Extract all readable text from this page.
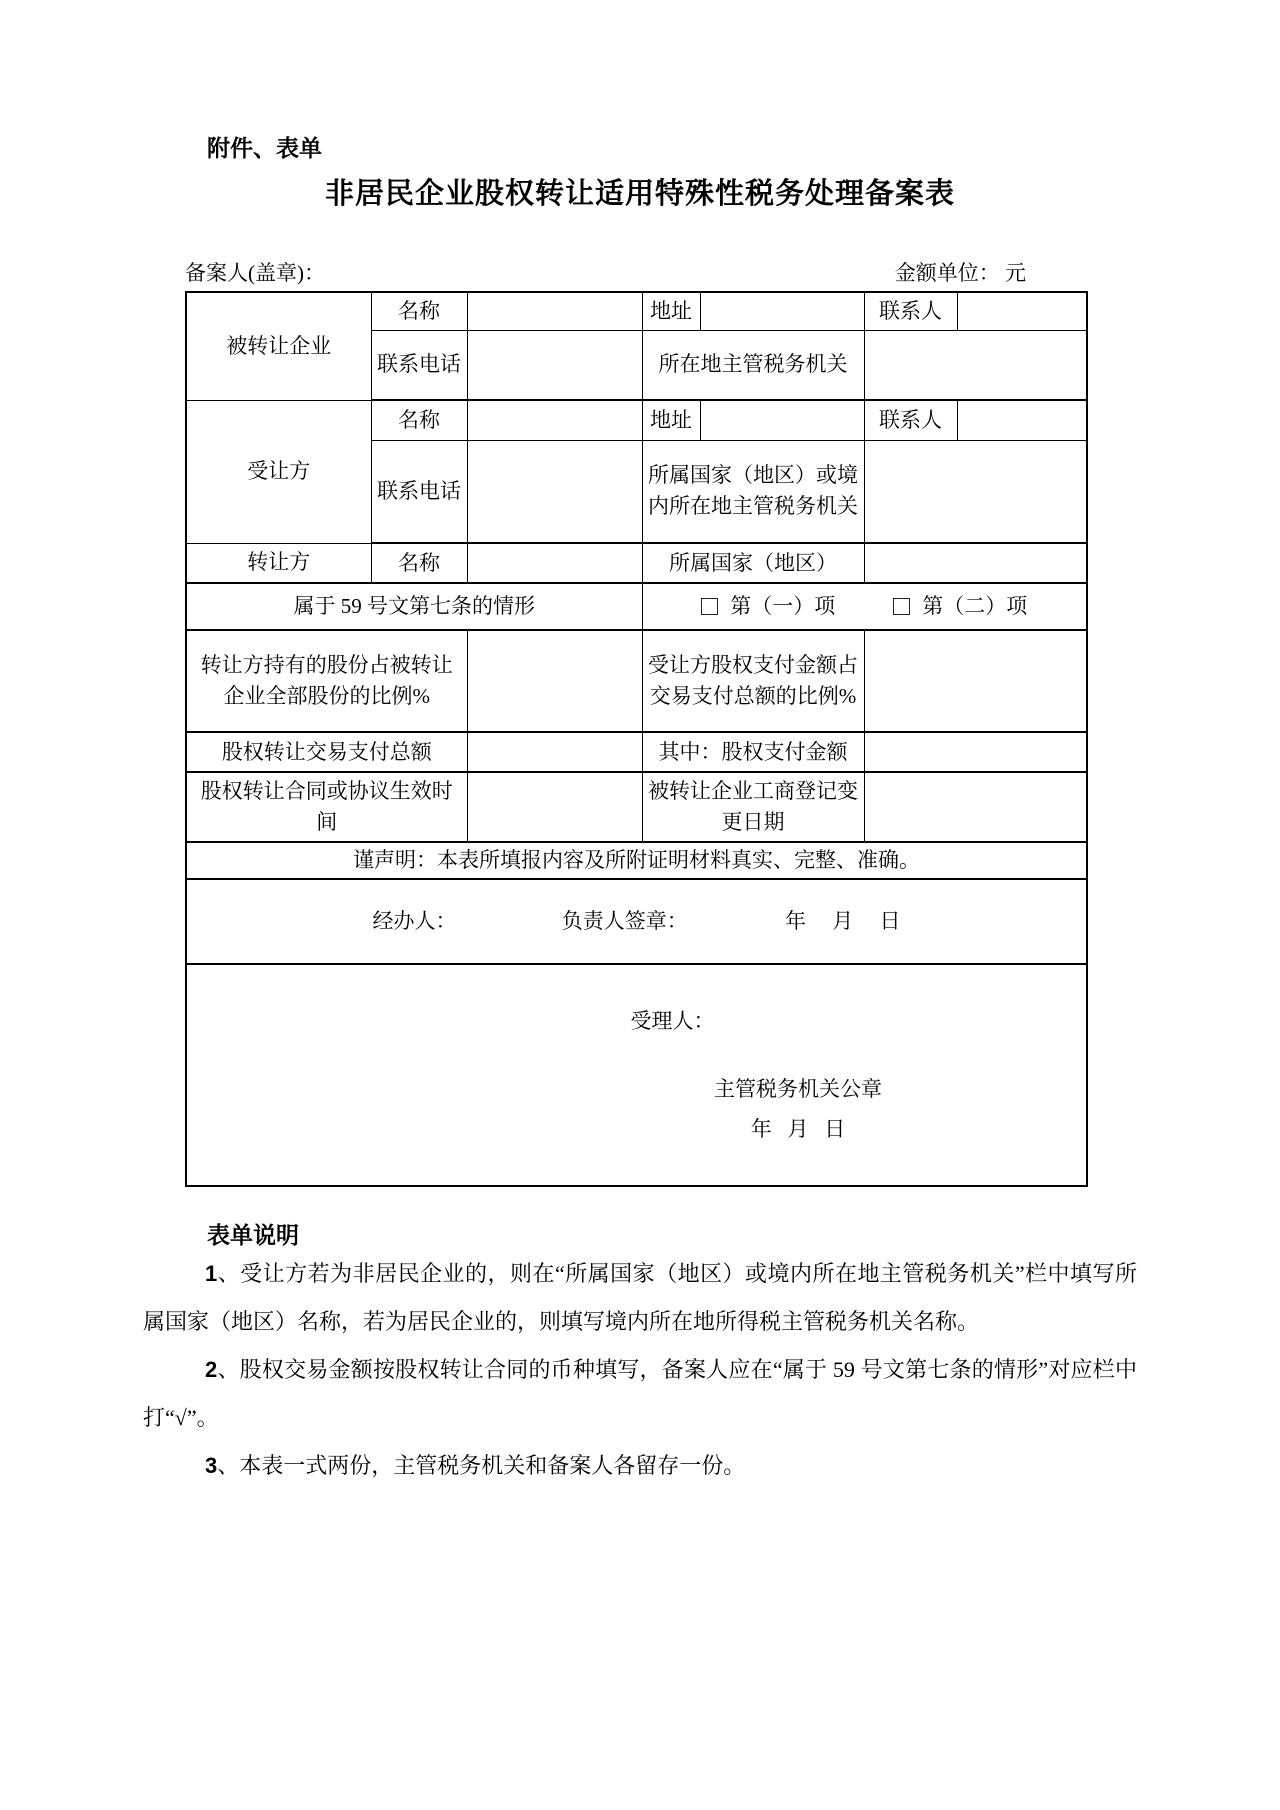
附件、表单
非居民企业股权转让适用特殊性税务处理备案表
备案人(盖章)：	金额单位： 元
被转让企业	名称		地址		联系人	
	联系电话		所在地主管税务机关			
受让方	名称		地址		联系人	
	联系电话		所属国家（地区）或境内所在地主管税务机关			
转让方	名称		所属国家（地区）			
属于 59 号文第七条的情形			第（一）项 第（二）项			

转让方持有的股份占被转让企业全部股份的比例%			受让方股权支付金额占交易支付总额的比例%			
股权转让交易支付总额			其中：股权支付金额			
股权转让合同或协议生效时间			被转让企业工商登记变更日期			
谨声明：本表所填报内容及所附证明材料真实、完整、准确。						
经办人： 负责人签章： 年     月     日						

受理人：
主管税务机关公章
年   月   日						
表单说明

1、受让方若为非居民企业的，则在“所属国家（地区）或境内所在地主管税务机关”栏中填写所属国家（地区）名称，若为居民企业的，则填写境内所在地所得税主管税务机关名称。

2、股权交易金额按股权转让合同的币种填写，备案人应在“属于 59 号文第七条的情形”对应栏中打“√”。

3、本表一式两份，主管税务机关和备案人各留存一份。
